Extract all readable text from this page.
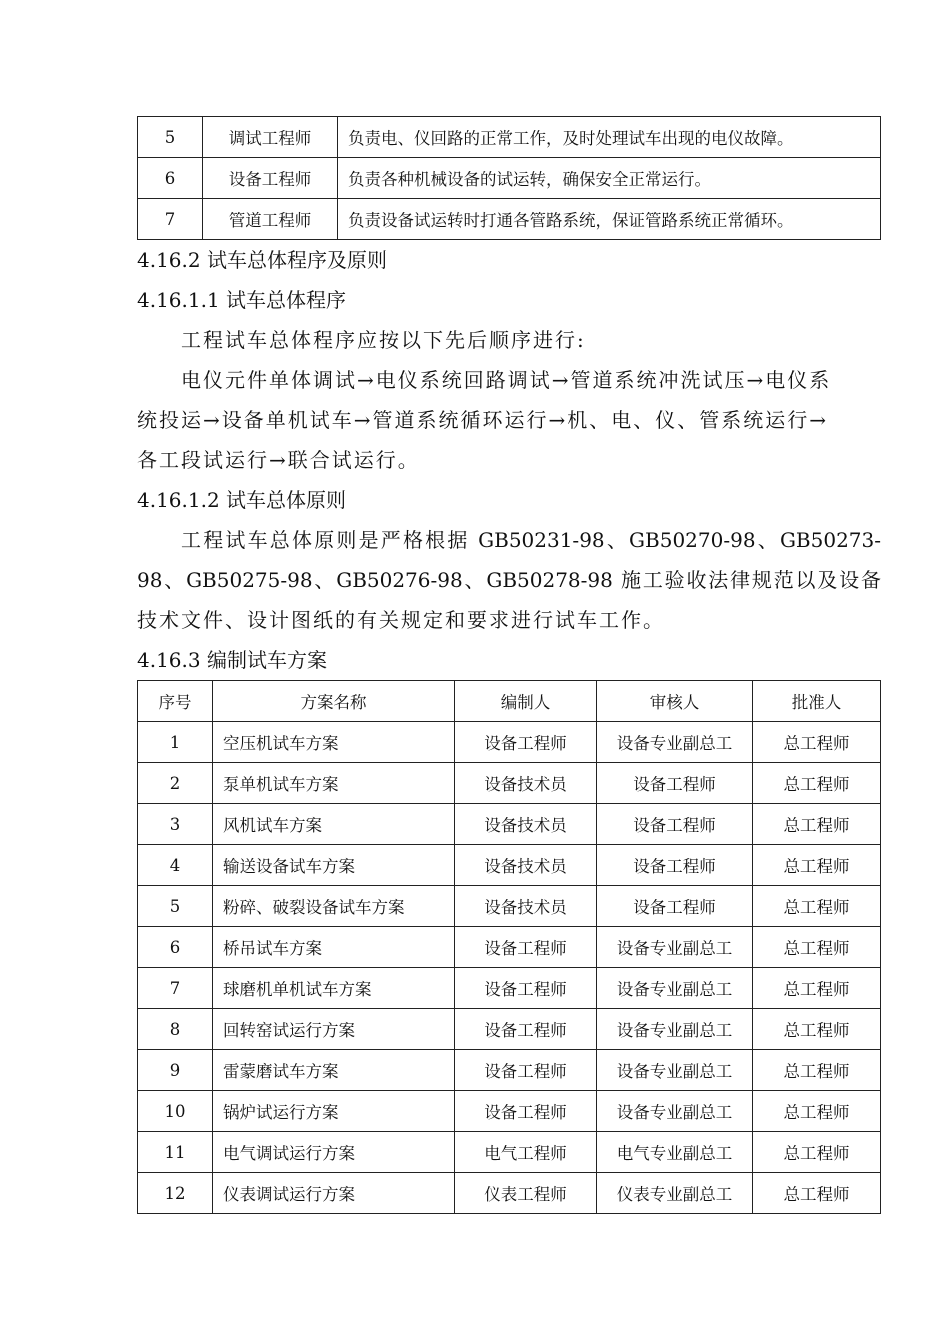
5	调试工程师	负责电、仪回路的正常工作，及时处理试车出现的电仪故障。
6	设备工程师	负责各种机械设备的试运转，确保安全正常运行。
7	管道工程师	负责设备试运转时打通各管路系统，保证管路系统正常循环。
4.16.2 试车总体程序及原则
4.16.1.1 试车总体程序
工程试车总体程序应按以下先后顺序进行:
电仪元件单体调试→电仪系统回路调试→管道系统冲洗试压→电仪系
统投运→设备单机试车→管道系统循环运行→机、电、仪、管系统运行→
各工段试运行→联合试运行。
4.16.1.2 试车总体原则
工程试车总体原则是严格根据 GB50231-98、GB50270-98、GB50273-
98、GB50275-98、GB50276-98、GB50278-98 施工验收法律规范以及设备
技术文件、设计图纸的有关规定和要求进行试车工作。
4.16.3 编制试车方案
序号	方案名称	编制人	审核人	批准人
1	空压机试车方案	设备工程师	设备专业副总工	总工程师
2	泵单机试车方案	设备技术员	设备工程师	总工程师
3	风机试车方案	设备技术员	设备工程师	总工程师
4	输送设备试车方案	设备技术员	设备工程师	总工程师
5	粉碎、破裂设备试车方案	设备技术员	设备工程师	总工程师
6	桥吊试车方案	设备工程师	设备专业副总工	总工程师
7	球磨机单机试车方案	设备工程师	设备专业副总工	总工程师
8	回转窑试运行方案	设备工程师	设备专业副总工	总工程师
9	雷蒙磨试车方案	设备工程师	设备专业副总工	总工程师
10	锅炉试运行方案	设备工程师	设备专业副总工	总工程师
11	电气调试运行方案	电气工程师	电气专业副总工	总工程师
12	仪表调试运行方案	仪表工程师	仪表专业副总工	总工程师
